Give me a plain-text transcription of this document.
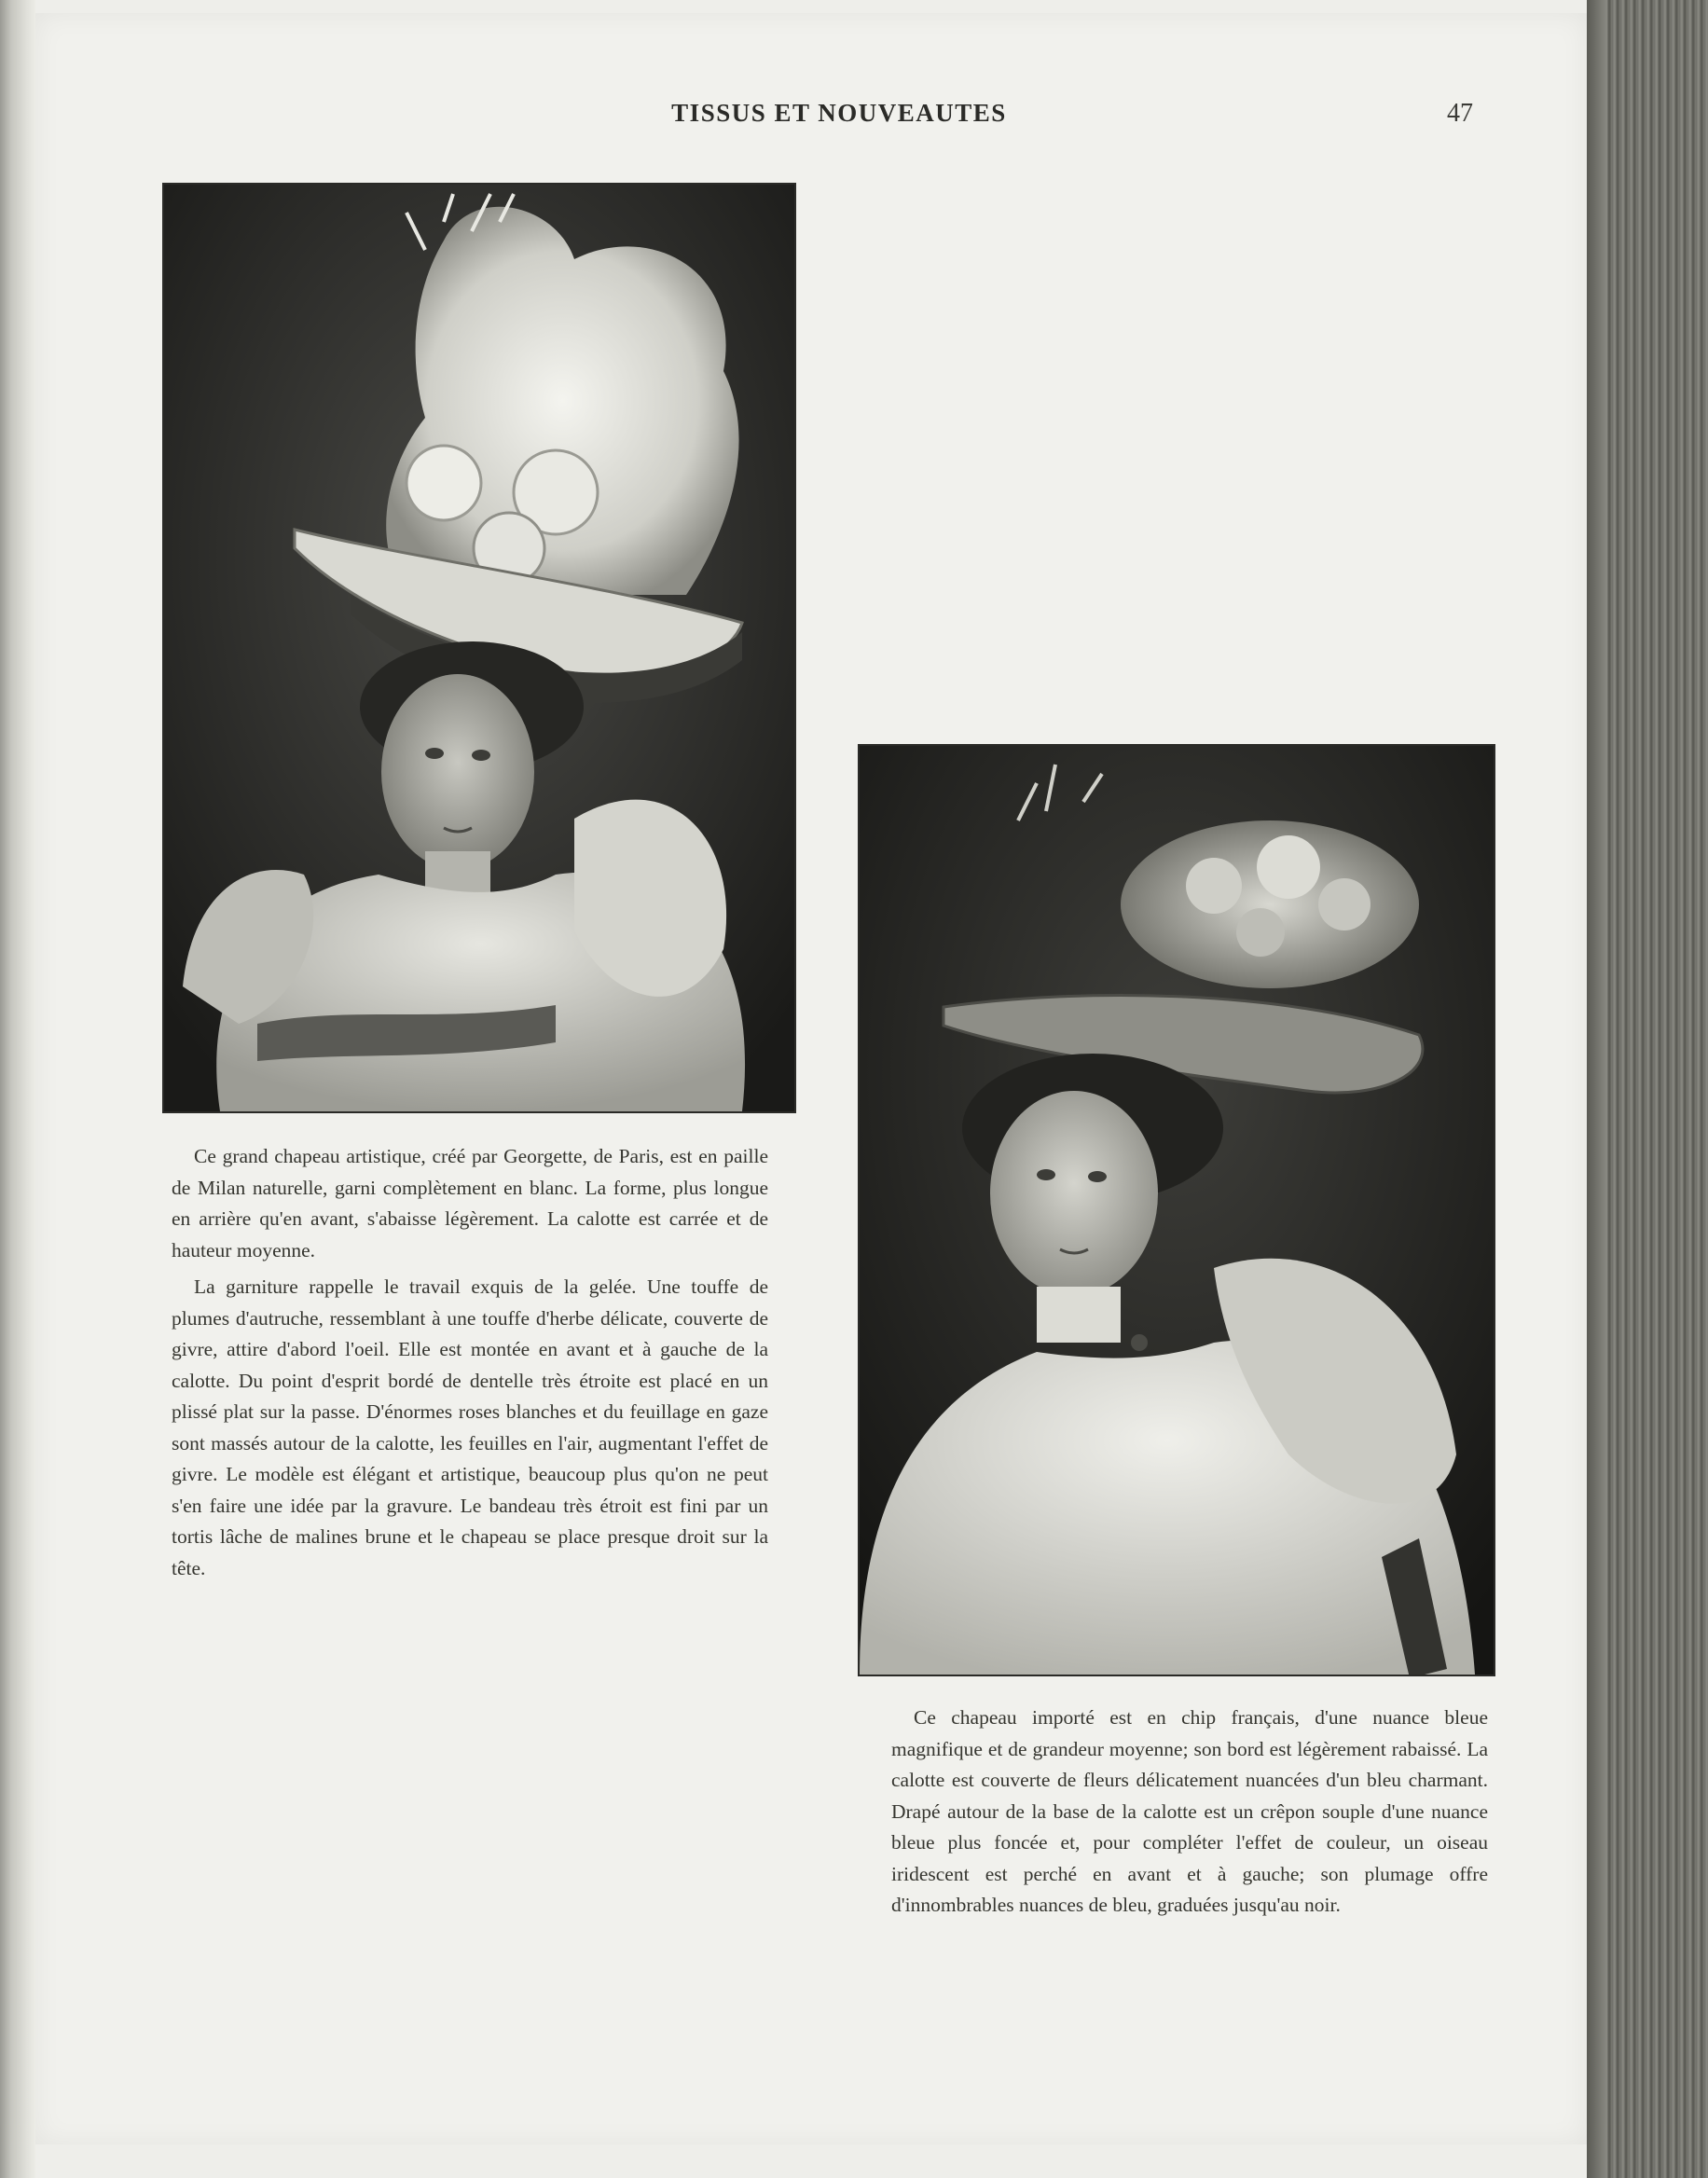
TISSUS ET NOUVEAUTES	47

Ce grand chapeau artistique, créé par Georgette, de Paris, est en paille de Milan naturelle, garni complètement en blanc. La forme, plus longue en arrière qu'en avant, s'abaisse légèrement. La calotte est carrée et de hauteur moyenne.

La garniture rappelle le travail exquis de la gelée. Une touffe de plumes d'autruche, ressemblant à une touffe d'herbe délicate, couverte de givre, attire d'abord l'oeil. Elle est montée en avant et à gauche de la calotte. Du point d'esprit bordé de dentelle très étroite est placé en un plissé plat sur la passe. D'énormes roses blanches et du feuillage en gaze sont massés autour de la calotte, les feuilles en l'air, augmentant l'effet de givre. Le modèle est élégant et artistique, beaucoup plus qu'on ne peut s'en faire une idée par la gravure. Le bandeau très étroit est fini par un tortis lâche de malines brune et le chapeau se place presque droit sur la tête.

Ce chapeau importé est en chip français, d'une nuance bleue magnifique et de grandeur moyenne; son bord est légèrement rabaissé. La calotte est couverte de fleurs délicatement nuancées d'un bleu charmant. Drapé autour de la base de la calotte est un crêpon souple d'une nuance bleue plus foncée et, pour compléter l'effet de couleur, un oiseau iridescent est perché en avant et à gauche; son plumage offre d'innombrables nuances de bleu, graduées jusqu'au noir.
